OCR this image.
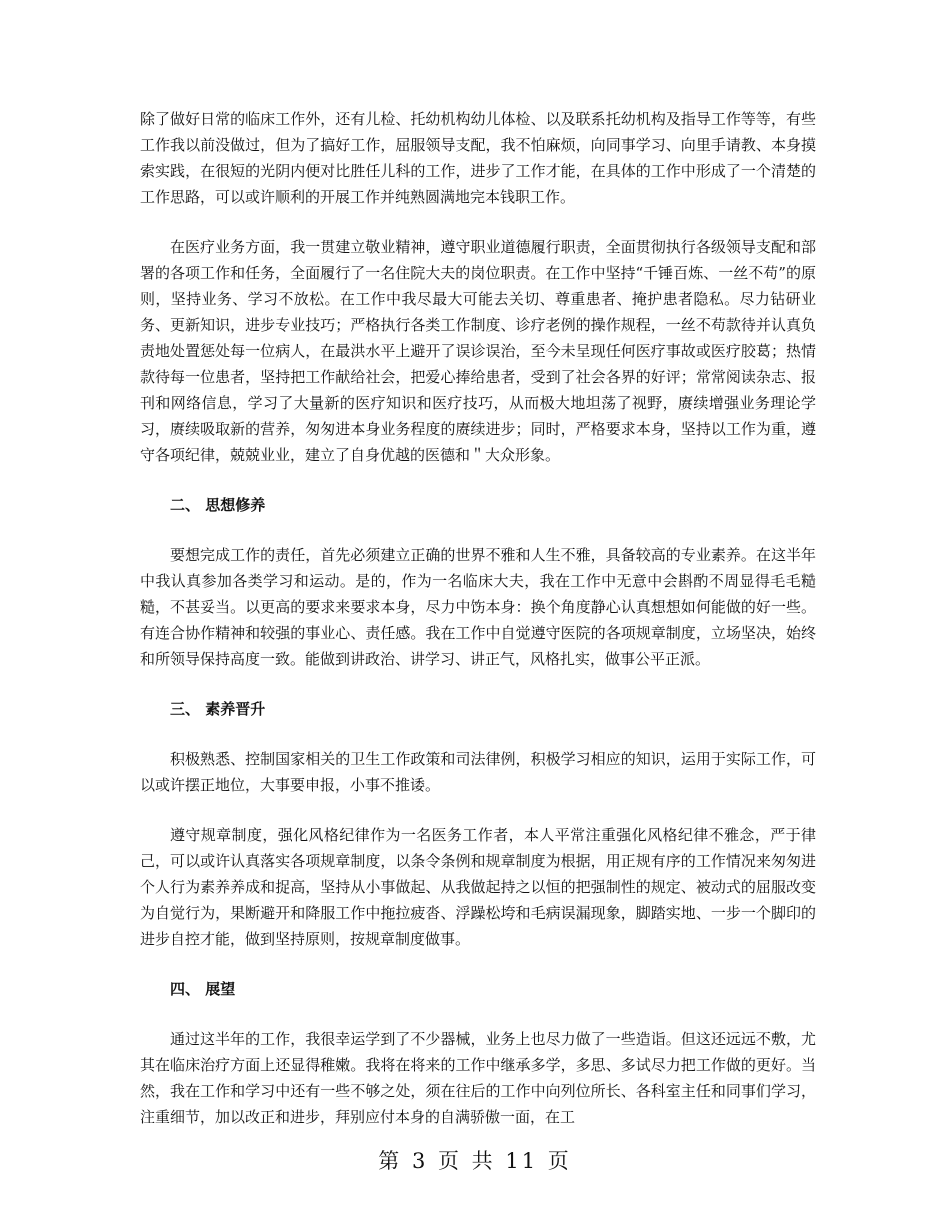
除了做好日常的临床工作外，还有儿检、托幼机构幼儿体检、以及联系托幼机构及指导工作等等，有些工作我以前没做过，但为了搞好工作，屈服领导支配，我不怕麻烦，向同事学习、向里手请教、本身摸索实践，在很短的光阴内便对比胜任儿科的工作，进步了工作才能，在具体的工作中形成了一个清楚的工作思路，可以或许顺利的开展工作并纯熟圆满地完本钱职工作。

在医疗业务方面，我一贯建立敬业精神，遵守职业道德履行职责，全面贯彻执行各级领导支配和部署的各项工作和任务，全面履行了一名住院大夫的岗位职责。在工作中坚持“千锤百炼、一丝不苟”的原则，坚持业务、学习不放松。在工作中我尽最大可能去关切、尊重患者、掩护患者隐私。尽力钻研业务、更新知识，进步专业技巧；严格执行各类工作制度、诊疗老例的操作规程，一丝不苟款待并认真负责地处置惩处每一位病人，在最洪水平上避开了误诊误治，至今未呈现任何医疗事故或医疗胶葛；热情款待每一位患者，坚持把工作献给社会，把爱心捧给患者，受到了社会各界的好评；常常阅读杂志、报刊和网络信息，学习了大量新的医疗知识和医疗技巧，从而极大地坦荡了视野，赓续增强业务理论学习，赓续吸取新的营养，匆匆进本身业务程度的赓续进步；同时，严格要求本身，坚持以工作为重，遵守各项纪律，兢兢业业，建立了自身优越的医德和＂大众形象。

二、 思想修养

要想完成工作的责任，首先必须建立正确的世界不雅和人生不雅，具备较高的专业素养。在这半年中我认真参加各类学习和运动。是的，作为一名临床大夫，我在工作中无意中会斟酌不周显得毛毛糙糙，不甚妥当。以更高的要求来要求本身，尽力中饬本身：换个角度静心认真想想如何能做的好一些。有连合协作精神和较强的事业心、责任感。我在工作中自觉遵守医院的各项规章制度，立场坚决，始终和所领导保持高度一致。能做到讲政治、讲学习、讲正气，风格扎实，做事公平正派。

三、 素养晋升

积极熟悉、控制国家相关的卫生工作政策和司法律例，积极学习相应的知识，运用于实际工作，可以或许摆正地位，大事要申报，小事不推诿。

遵守规章制度，强化风格纪律作为一名医务工作者，本人平常注重强化风格纪律不雅念，严于律己，可以或许认真落实各项规章制度，以条令条例和规章制度为根据，用正规有序的工作情况来匆匆进个人行为素养养成和捉高，坚持从小事做起、从我做起持之以恒的把强制性的规定、被动式的屈服改变为自觉行为，果断避开和降服工作中拖拉疲沓、浮躁松垮和毛病误漏现象，脚踏实地、一步一个脚印的进步自控才能，做到坚持原则，按规章制度做事。

四、 展望

通过这半年的工作，我很幸运学到了不少器械，业务上也尽力做了一些造诣。但这还远远不敷，尤其在临床治疗方面上还显得稚嫩。我将在将来的工作中继承多学，多思、多试尽力把工作做的更好。当然，我在工作和学习中还有一些不够之处，须在往后的工作中向列位所长、各科室主任和同事们学习，注重细节，加以改正和进步，拜别应付本身的自满骄傲一面，在工

第 3 页 共 11 页
